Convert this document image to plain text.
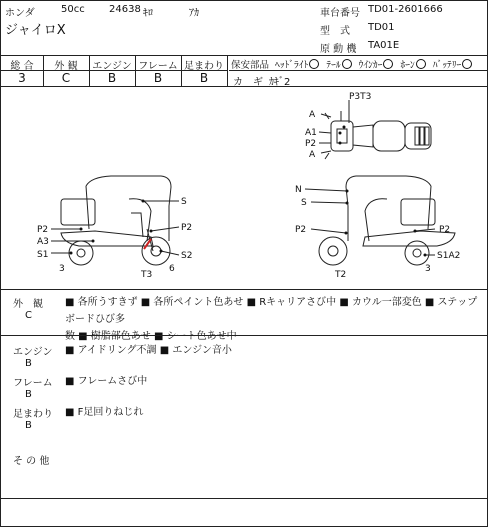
ホンダ	50cc 24638 ｷﾛ	ｱｶ
ジャイロX
車台番号 TD01-2601666
型　式 TD01
原 動 機 TA01E
総 合	外 観	エンジン フレーム 足まわり
3	C	B	B	B
保安部品 ﾍｯﾄﾞﾗｲﾄ ﾃｰﾙ ｳｲﾝｶｰ ﾎｰﾝ ﾊﾞｯﾃﾘｰ
カ　ギ ｶｷﾞ2
P3T3
A
A1
P2
A
S
P2
P2
A3
S1	S2
3
T3
6
N
S
P2	P2
S1A2
3
T2
外　観
C
■ 各所うすきず ■ 各所ペイント色あせ ■ Rキャリアさび中 ■ カウル一部変色 ■ ステップボードひび多
数 ■ 樹脂部色あせ ■ シート色あせ中
エンジン
B
■ アイドリング不調 ■ エンジン音小
フレーム
B
■ フレームさび中
足まわり
B
■ F足回りねじれ
そ の 他
